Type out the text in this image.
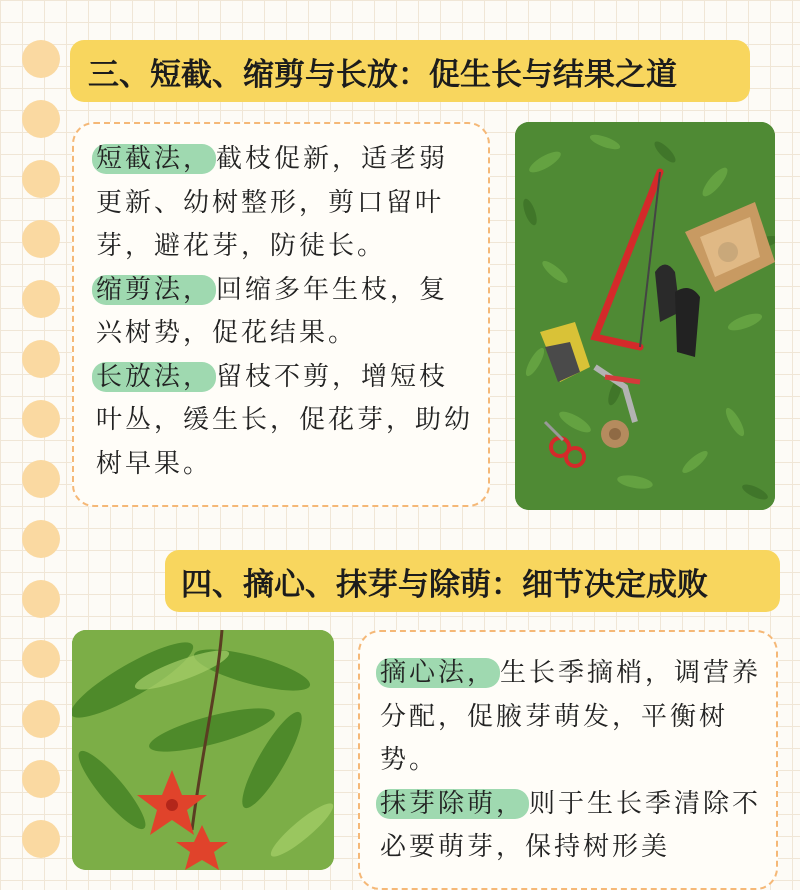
三、短截、缩剪与长放：促生长与结果之道

短截法， 截枝促新，适老弱更新、幼树整形，剪口留叶芽，避花芽，防徒长。

缩剪法， 回缩多年生枝，复兴树势，促花结果。

长放法， 留枝不剪，增短枝叶丛，缓生长，促花芽，助幼树早果。

四、摘心、抹芽与除萌：细节决定成败

摘心法， 生长季摘梢，调营养分配，促腋芽萌发，平衡树势。

抹芽除萌， 则于生长季清除不必要萌芽，保持树形美
